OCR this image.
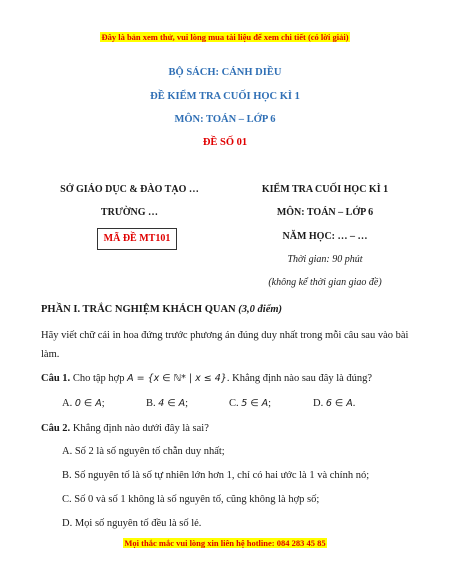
Đây là bản xem thử, vui lòng mua tài liệu để xem chi tiết (có lời giải)
BỘ SÁCH: CÁNH DIỀU
ĐỀ KIỂM TRA CUỐI HỌC KÌ 1
MÔN: TOÁN – LỚP 6
ĐỀ SỐ 01
SỞ GIÁO DỤC & ĐÀO TẠO …
TRƯỜNG …
MÃ ĐỀ MT101
KIỂM TRA CUỐI HỌC KÌ 1
MÔN: TOÁN – LỚP 6
NĂM HỌC: … – …
Thời gian: 90 phút
(không kể thời gian giao đề)
PHẦN I. TRẮC NGHIỆM KHÁCH QUAN (3,0 điểm)
Hãy viết chữ cái in hoa đứng trước phương án đúng duy nhất trong mỗi câu sau vào bài làm.
Câu 1. Cho tập hợp A = {x ∈ ℕ* | x ≤ 4}. Khẳng định nào sau đây là đúng?
A. 0 ∈ A;	B. 4 ∈ A;	C. 5 ∈ A;	D. 6 ∈ A.
Câu 2. Khẳng định nào dưới đây là sai?
A. Số 2 là số nguyên tố chẵn duy nhất;
B. Số nguyên tố là số tự nhiên lớn hơn 1, chỉ có hai ước là 1 và chính nó;
C. Số 0 và số 1 không là số nguyên tố, cũng không là hợp số;
D. Mọi số nguyên tố đều là số lẻ.
Mọi thắc mắc vui lòng xin liên hệ hotline: 084 283 45 85
